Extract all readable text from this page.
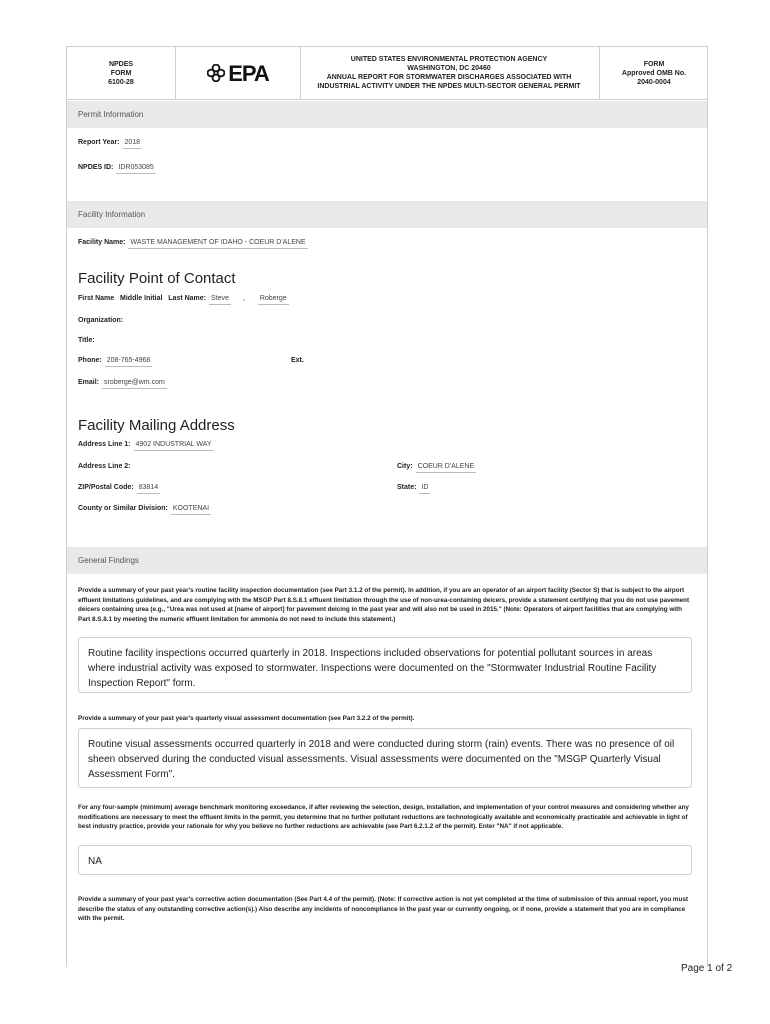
NPDES
FORM
6100-28	EPA
UNITED STATES ENVIRONMENTAL PROTECTION AGENCY
WASHINGTON, DC 20460
ANNUAL REPORT FOR STORMWATER DISCHARGES ASSOCIATED WITH
INDUSTRIAL ACTIVITY UNDER THE NPDES MULTI-SECTOR GENERAL PERMIT
FORM
Approved OMB No.
2040-0004
Permit Information
Report Year: 2018
NPDES ID: IDR053085
Facility Information
Facility Name: WASTE MANAGEMENT OF IDAHO - COEUR D'ALENE
Facility Point of Contact
First Name Middle Initial Last Name: Steve , Roberge
Organization:
Title:
Phone: 208-765-4968	Ext.
Email: sroberge@wm.com
Facility Mailing Address
Address Line 1: 4902 INDUSTRIAL WAY
Address Line 2:	City: COEUR D'ALENE
ZIP/Postal Code: 83814	State: ID
County or Similar Division: KOOTENAI
General Findings
Provide a summary of your past year's routine facility inspection documentation (see Part 3.1.2 of the permit). In addition, if you are an operator of an airport facility (Sector S) that is subject to the airport effluent limitations guidelines, and are complying with the MSGP Part 8.S.8.1 effluent limitation through the use of non-urea-containing deicers, provide a statement certifying that you do not use pavement deicers containing urea (e.g., "Urea was not used at [name of airport] for pavement deicing in the past year and will also not be used in 2015." (Note: Operators of airport facilities that are complying with Part 8.S.8.1 by meeting the numeric effluent limitation for ammonia do not need to include this statement.)
Routine facility inspections occurred quarterly in 2018. Inspections included observations for potential pollutant sources in areas where industrial activity was exposed to stormwater. Inspections were documented on the "Stormwater Industrial Routine Facility Inspection Report" form.
Provide a summary of your past year's quarterly visual assessment documentation (see Part 3.2.2 of the permit).
Routine visual assessments occurred quarterly in 2018 and were conducted during storm (rain) events. There was no presence of oil sheen observed during the conducted visual assessments. Visual assessments were documented on the "MSGP Quarterly Visual Assessment Form".
For any four-sample (minimum) average benchmark monitoring exceedance, if after reviewing the selection, design, installation, and implementation of your control measures and considering whether any modifications are necessary to meet the effluent limits in the permit, you determine that no further pollutant reductions are technologically available and economically practicable and achievable in light of best industry practice, provide your rationale for why you believe no further reductions are achievable (see Part 6.2.1.2 of the permit). Enter "NA" if not applicable.
NA
Provide a summary of your past year's corrective action documentation (See Part 4.4 of the permit). (Note: If corrective action is not yet completed at the time of submission of this annual report, you must describe the status of any outstanding corrective action(s).) Also describe any incidents of noncompliance in the past year or currently ongoing, or if none, provide a statement that you are in compliance with the permit.
Page 1 of 2
